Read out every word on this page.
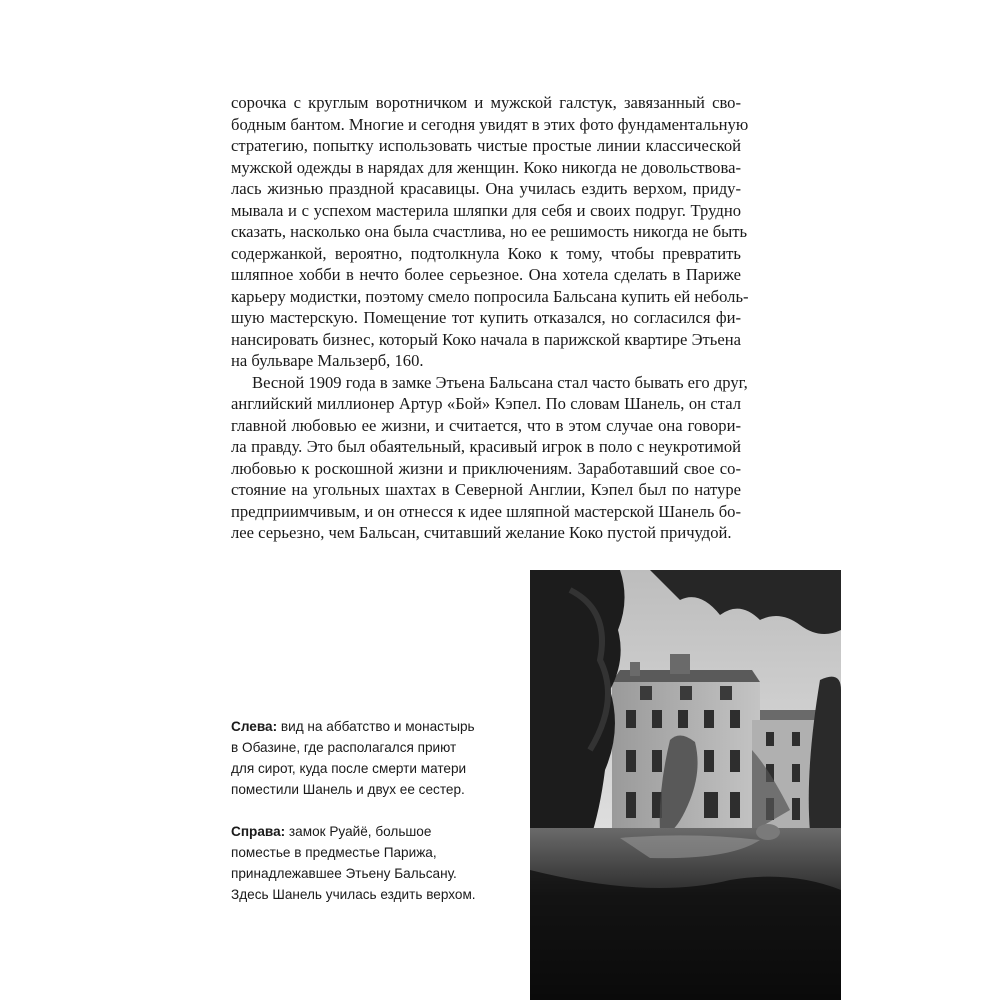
сорочка с круглым воротничком и мужской галстук, завязанный сво-
бодным бантом. Многие и сегодня увидят в этих фото фундаментальную
стратегию, попытку использовать чистые простые линии классической
мужской одежды в нарядах для женщин. Коко никогда не довольствова-
лась жизнью праздной красавицы. Она училась ездить верхом, приду-
мывала и с успехом мастерила шляпки для себя и своих подруг. Трудно
сказать, насколько она была счастлива, но ее решимость никогда не быть
содержанкой, вероятно, подтолкнула Коко к тому, чтобы превратить
шляпное хобби в нечто более серьезное. Она хотела сделать в Париже
карьеру модистки, поэтому смело попросила Бальсана купить ей неболь-
шую мастерскую. Помещение тот купить отказался, но согласился фи-
нансировать бизнес, который Коко начала в парижской квартире Этьена
на бульваре Мальзерб, 160.
Весной 1909 года в замке Этьена Бальсана стал часто бывать его друг,
английский миллионер Артур «Бой» Кэпел. По словам Шанель, он стал
главной любовью ее жизни, и считается, что в этом случае она говори-
ла правду. Это был обаятельный, красивый игрок в поло с неукротимой
любовью к роскошной жизни и приключениям. Заработавший свое со-
стояние на угольных шахтах в Северной Англии, Кэпел был по натуре
предприимчивым, и он отнесся к идее шляпной мастерской Шанель бо-
лее серьезно, чем Бальсан, считавший желание Коко пустой причудой.
Слева: вид на аббатство и монастырь
в Обазине, где располагался приют
для сирот, куда после смерти матери
поместили Шанель и двух ее сестер.
Справа: замок Руайё, большое
поместье в предместье Парижа,
принадлежавшее Этьену Бальсану.
Здесь Шанель училась ездить верхом.
